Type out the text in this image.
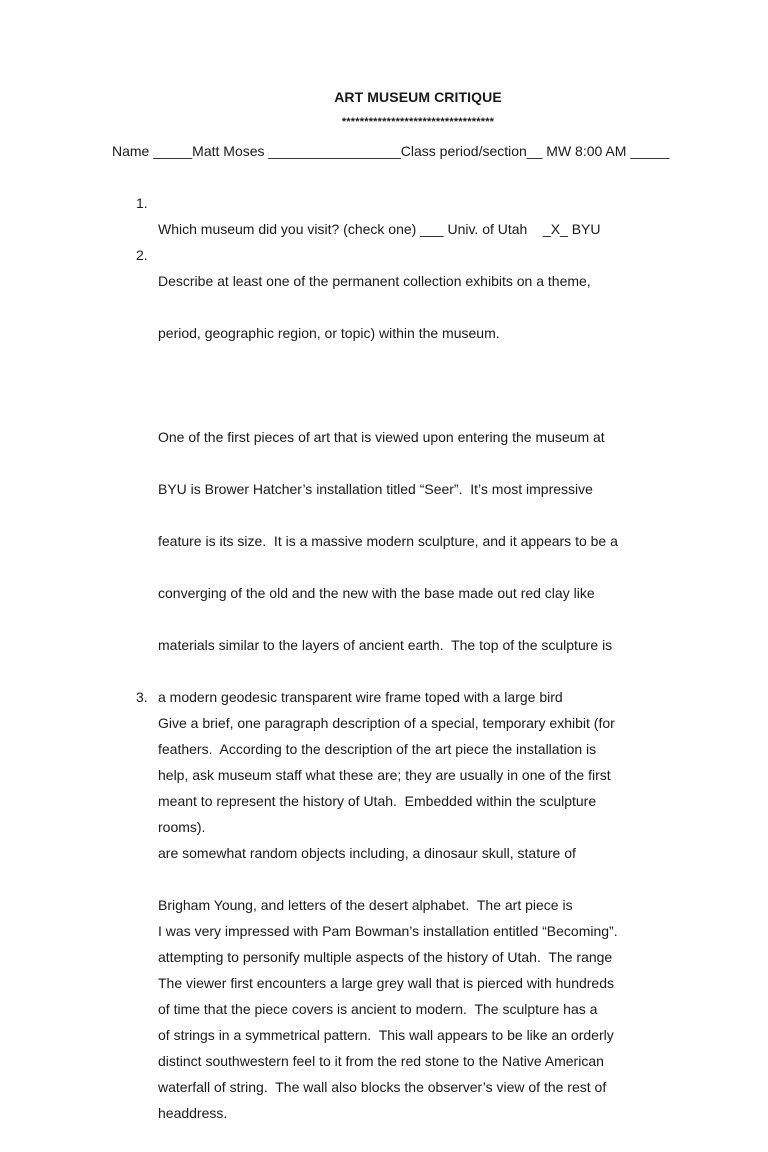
ART MUSEUM CRITIQUE
**********************************
Name _____Matt Moses _________________Class period/section__ MW 8:00 AM _____
1.

Which museum did you visit? (check one) ___ Univ. of Utah    _X_ BYU

2.

Describe at least one of the permanent collection exhibits on a theme,

period, geographic region, or topic) within the museum.

One of the first pieces of art that is viewed upon entering the museum at

BYU is Brower Hatcher’s installation titled “Seer”.  It’s most impressive

feature is its size.  It is a massive modern sculpture, and it appears to be a

converging of the old and the new with the base made out red clay like

materials similar to the layers of ancient earth.  The top of the sculpture is

a modern geodesic transparent wire frame toped with a large bird

feathers.  According to the description of the art piece the installation is

meant to represent the history of Utah.  Embedded within the sculpture

are somewhat random objects including, a dinosaur skull, stature of

Brigham Young, and letters of the desert alphabet.  The art piece is

attempting to personify multiple aspects of the history of Utah.  The range

of time that the piece covers is ancient to modern.  The sculpture has a

distinct southwestern feel to it from the red stone to the Native American

headdress.

3.

Give a brief, one paragraph description of a special, temporary exhibit (for

help, ask museum staff what these are; they are usually in one of the first

rooms).

I was very impressed with Pam Bowman’s installation entitled “Becoming”.

The viewer first encounters a large grey wall that is pierced with hundreds

of strings in a symmetrical pattern.  This wall appears to be like an orderly

waterfall of string.  The wall also blocks the observer’s view of the rest of
